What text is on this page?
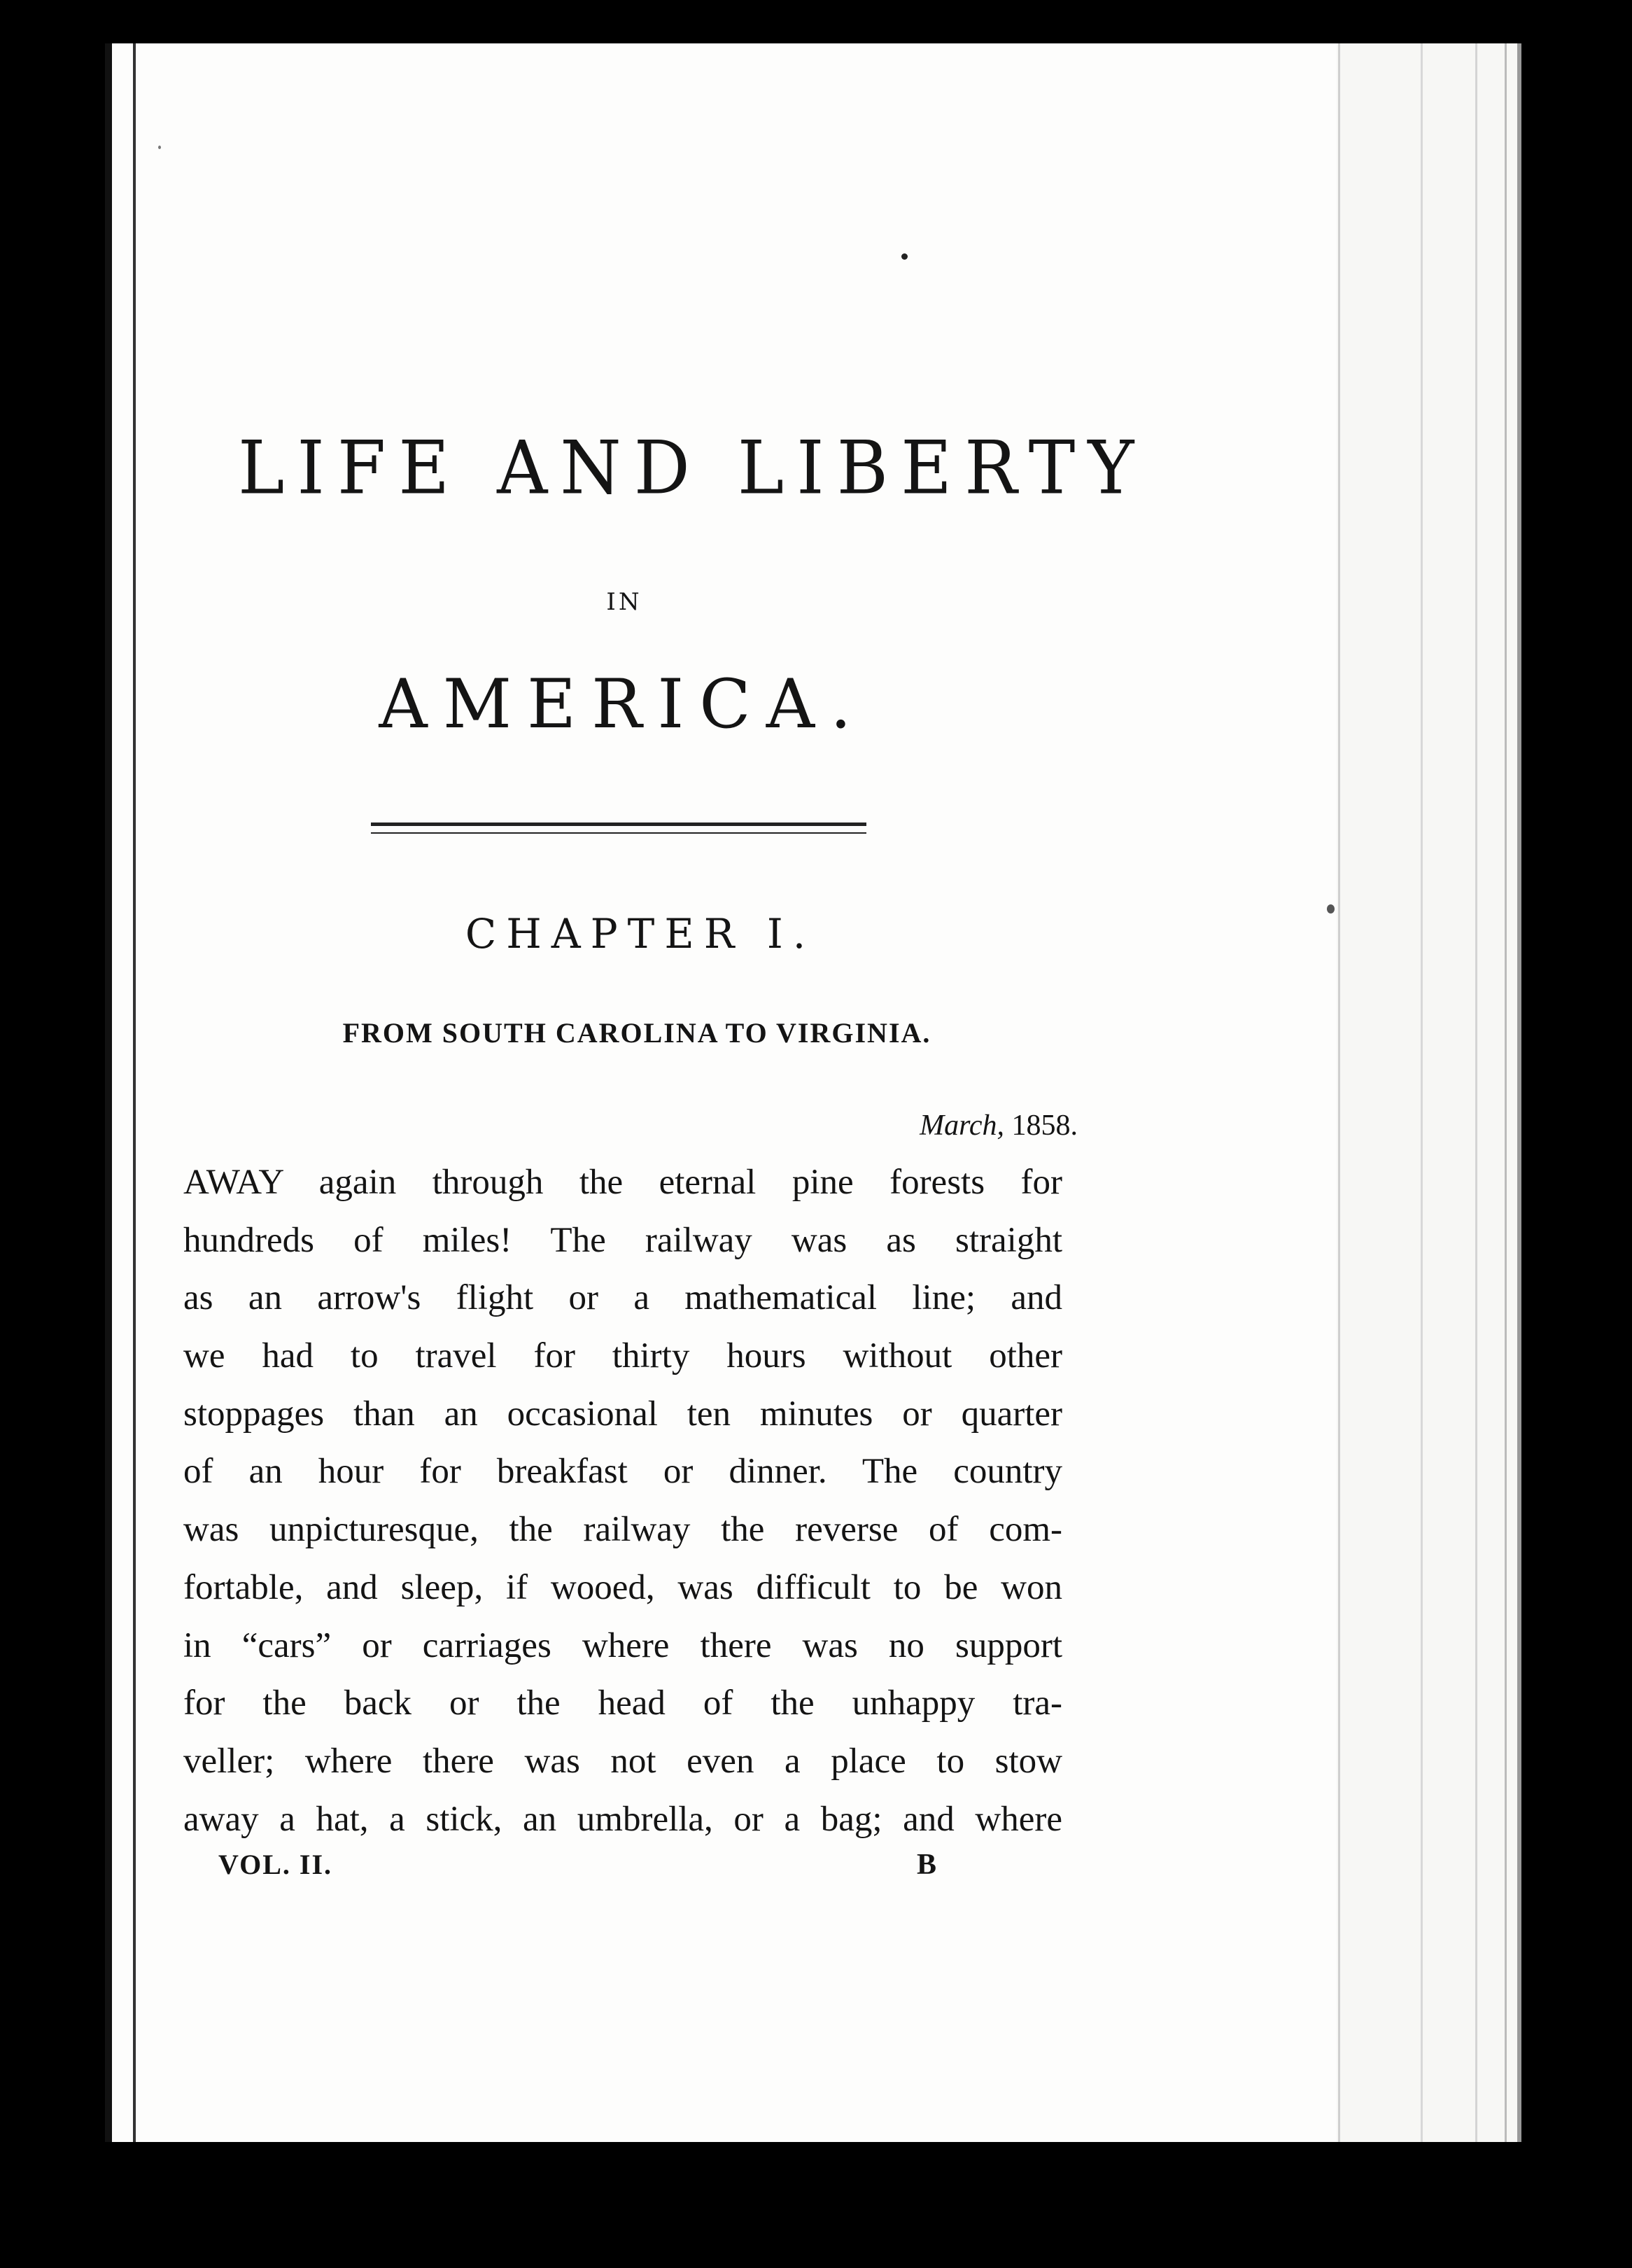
LIFE AND LIBERTY
IN
AMERICA.
CHAPTER I.
FROM SOUTH CAROLINA TO VIRGINIA.
March, 1858.
AWAY again through the eternal pine forests for
hundreds of miles! The railway was as straight
as an arrow's flight or a mathematical line; and
we had to travel for thirty hours without other
stoppages than an occasional ten minutes or quarter
of an hour for breakfast or dinner. The country
was unpicturesque, the railway the reverse of com-
fortable, and sleep, if wooed, was difficult to be won
in “cars” or carriages where there was no support
for the back or the head of the unhappy tra-
veller; where there was not even a place to stow
away a hat, a stick, an umbrella, or a bag; and where
VOL. II.	B
